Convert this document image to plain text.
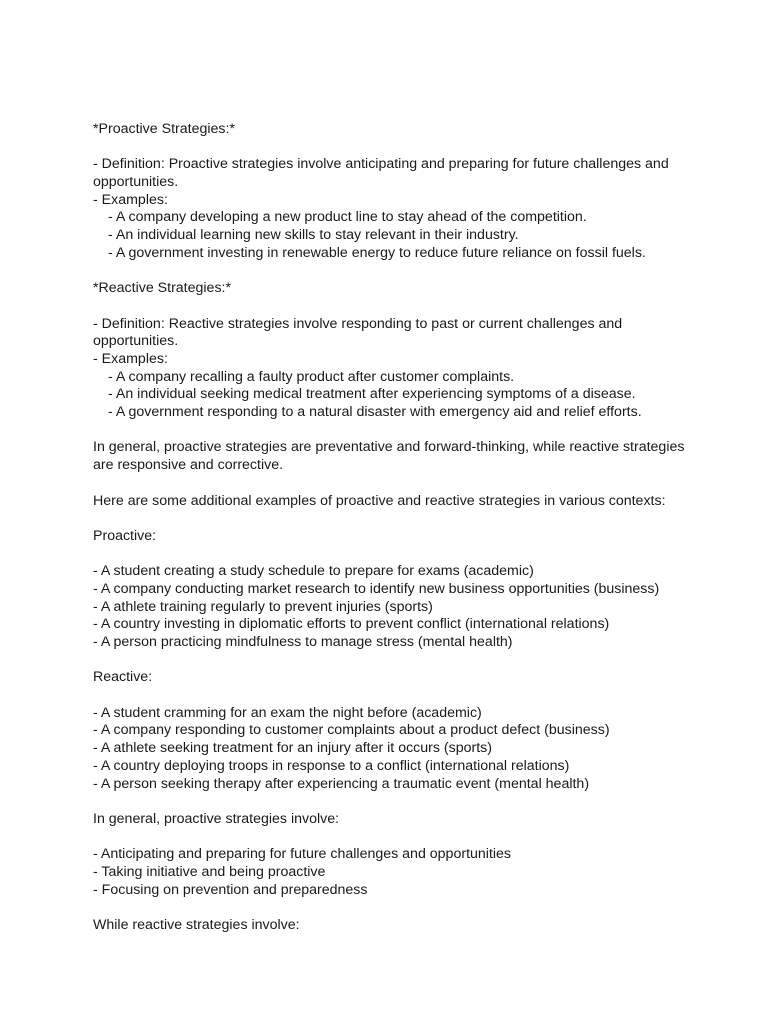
*Proactive Strategies:*
- Definition: Proactive strategies involve anticipating and preparing for future challenges and opportunities.
- Examples:
- A company developing a new product line to stay ahead of the competition.
- An individual learning new skills to stay relevant in their industry.
- A government investing in renewable energy to reduce future reliance on fossil fuels.
*Reactive Strategies:*
- Definition: Reactive strategies involve responding to past or current challenges and opportunities.
- Examples:
- A company recalling a faulty product after customer complaints.
- An individual seeking medical treatment after experiencing symptoms of a disease.
- A government responding to a natural disaster with emergency aid and relief efforts.
In general, proactive strategies are preventative and forward-thinking, while reactive strategies are responsive and corrective.
Here are some additional examples of proactive and reactive strategies in various contexts:
Proactive:
- A student creating a study schedule to prepare for exams (academic)
- A company conducting market research to identify new business opportunities (business)
- A athlete training regularly to prevent injuries (sports)
- A country investing in diplomatic efforts to prevent conflict (international relations)
- A person practicing mindfulness to manage stress (mental health)
Reactive:
- A student cramming for an exam the night before (academic)
- A company responding to customer complaints about a product defect (business)
- A athlete seeking treatment for an injury after it occurs (sports)
- A country deploying troops in response to a conflict (international relations)
- A person seeking therapy after experiencing a traumatic event (mental health)
In general, proactive strategies involve:
- Anticipating and preparing for future challenges and opportunities
- Taking initiative and being proactive
- Focusing on prevention and preparedness
While reactive strategies involve:
